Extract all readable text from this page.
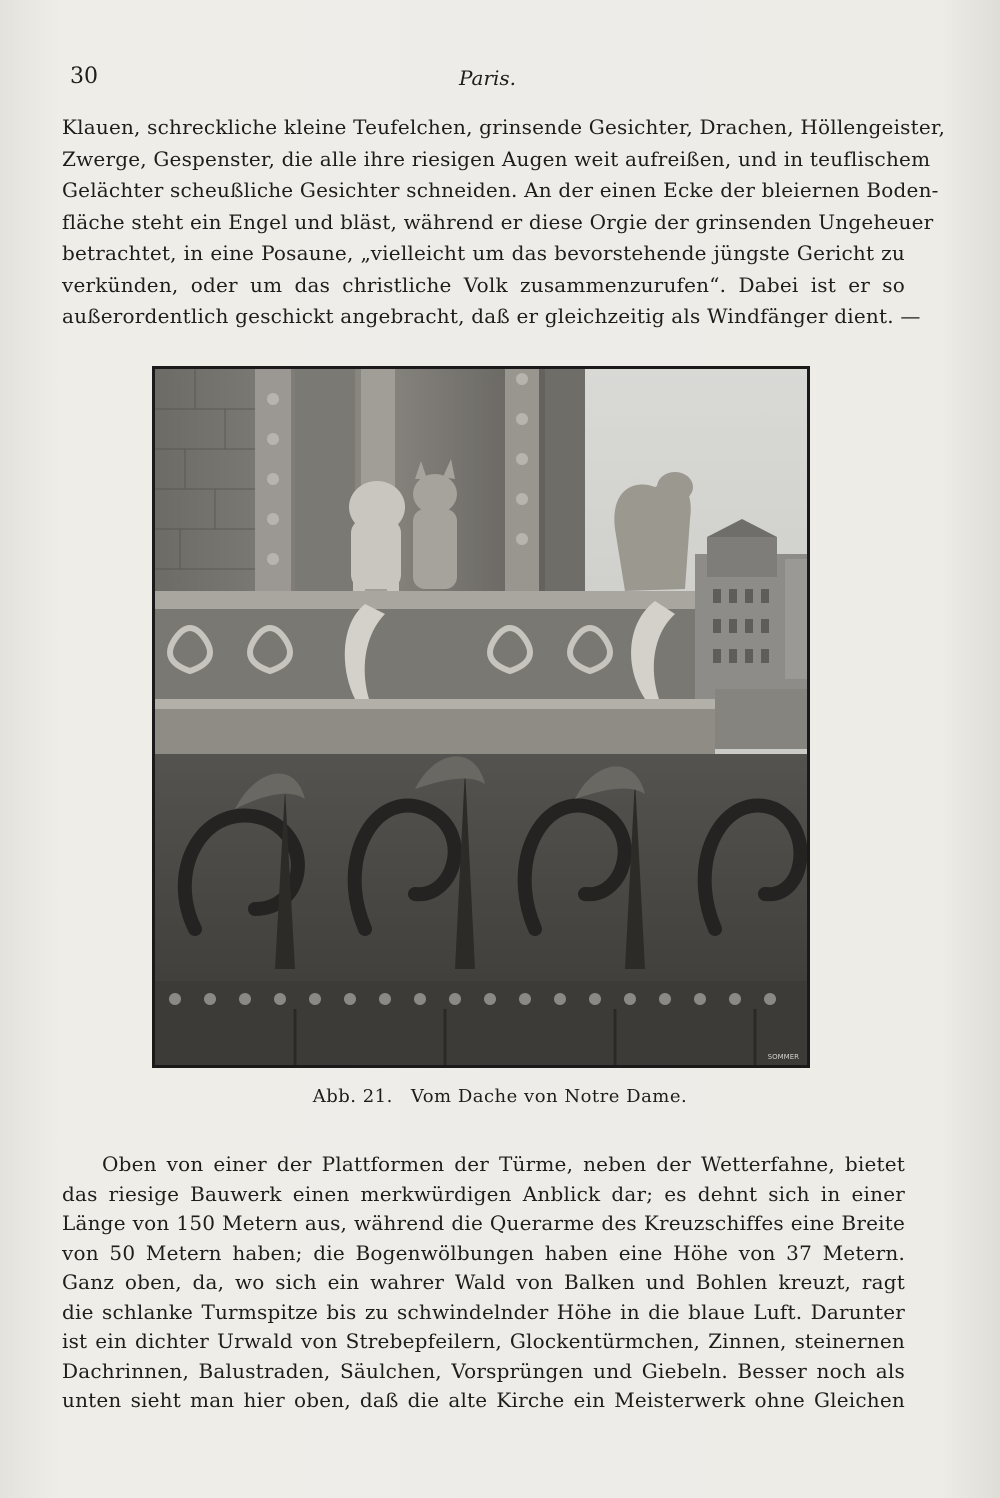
30	Paris.
Klauen, schreckliche kleine Teufelchen, grinsende Gesichter, Drachen, Höllengeister,
Zwerge, Gespenster, die alle ihre riesigen Augen weit aufreißen, und in teuflischem
Gelächter scheußliche Gesichter schneiden. An der einen Ecke der bleiernen Boden-
fläche steht ein Engel und bläst, während er diese Orgie der grinsenden Ungeheuer
betrachtet, in eine Posaune, „vielleicht um das bevorstehende jüngste Gericht zu
verkünden, oder um das christliche Volk zusammenzurufen“. Dabei ist er so
außerordentlich geschickt angebracht, daß er gleichzeitig als Windfänger dient. —
SOMMER
Abb. 21. Vom Dache von Notre Dame.
Oben von einer der Plattformen der Türme, neben der Wetterfahne, bietet
das riesige Bauwerk einen merkwürdigen Anblick dar; es dehnt sich in einer
Länge von 150 Metern aus, während die Querarme des Kreuzschiffes eine Breite
von 50 Metern haben; die Bogenwölbungen haben eine Höhe von 37 Metern.
Ganz oben, da, wo sich ein wahrer Wald von Balken und Bohlen kreuzt, ragt
die schlanke Turmspitze bis zu schwindelnder Höhe in die blaue Luft. Darunter
ist ein dichter Urwald von Strebepfeilern, Glockentürmchen, Zinnen, steinernen
Dachrinnen, Balustraden, Säulchen, Vorsprüngen und Giebeln. Besser noch als
unten sieht man hier oben, daß die alte Kirche ein Meisterwerk ohne Gleichen
